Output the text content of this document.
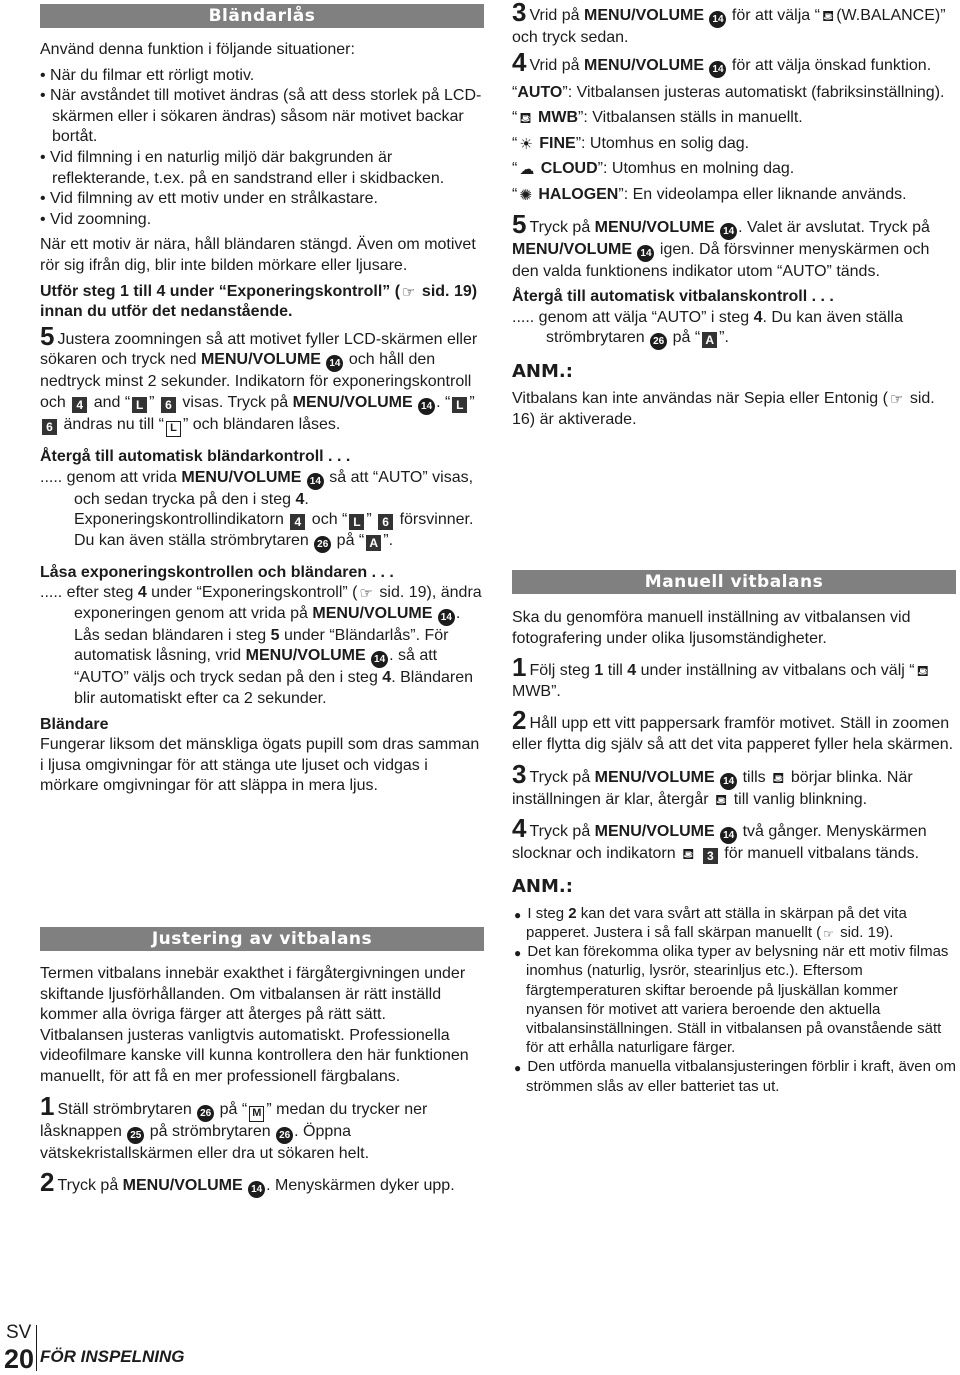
Bländarlås

Använd denna funktion i följande situationer:

• När du filmar ett rörligt motiv.

• När avståndet till motivet ändras (så att dess storlek på LCD-skärmen eller i sökaren ändras) såsom när motivet backar bortåt.

• Vid filmning i en naturlig miljö där bakgrunden är reflekterande, t.ex. på en sandstrand eller i skidbacken.

• Vid filmning av ett motiv under en strålkastare.

• Vid zoomning.

När ett motiv är nära, håll bländaren stängd. Även om motivet rör sig ifrån dig, blir inte bilden mörkare eller ljusare.

Utför steg 1 till 4 under “Exponeringskontroll” ( ☞ sid. 19) innan du utför det nedanstående.

5 Justera zoomningen så att motivet fyller LCD-skärmen eller sökaren och tryck ned MENU/VOLUME 14 och håll den nedtryck minst 2 sekunder. Indikatorn för exponeringskontroll och 4 and “ L ” 6 visas. Tryck på MENU/VOLUME 14 . “ L ” 6 ändras nu till “ L ” och bländaren låses.

Återgå till automatisk bländarkontroll . . .

..... genom att vrida MENU/VOLUME 14 så att “AUTO” visas, och sedan trycka på den i steg 4. Exponeringskontrollindikatorn 4 och “ L ” 6 försvinner. Du kan även ställa strömbrytaren 26 på “ A ”.

Låsa exponeringskontrollen och bländaren . . .

..... efter steg 4 under “Exponeringskontroll” ( ☞ sid. 19), ändra exponeringen genom att vrida på MENU/VOLUME 14 . Lås sedan bländaren i steg 5 under “Bländarlås”. För automatisk låsning, vrid MENU/VOLUME 14 . så att “AUTO” väljs och tryck sedan på den i steg 4. Bländaren blir automatiskt efter ca 2 sekunder.

Bländare

Fungerar liksom det mänskliga ögats pupill som dras samman i ljusa omgivningar för att stänga ute ljuset och vidgas i mörkare omgivningar för att släppa in mera ljus.

Justering av vitbalans

Termen vitbalans innebär exakthet i färgåtergivningen under skiftande ljusförhållanden. Om vitbalansen är rätt inställd kommer alla övriga färger att återges på rätt sätt.

Vitbalansen justeras vanligtvis automatiskt. Professionella videofilmare kanske vill kunna kontrollera den här funktionen manuellt, för att få en mer professionell färgbalans.

1 Ställ strömbrytaren 26 på “ M ” medan du trycker ner låsknappen 25 på strömbrytaren 26 . Öppna vätskekristallskärmen eller dra ut sökaren helt.

2 Tryck på MENU/VOLUME 14 . Menyskärmen dyker upp.

3 Vrid på MENU/VOLUME 14 för att välja “ ⛾ (W.BALANCE)” och tryck sedan.

4 Vrid på MENU/VOLUME 14 för att välja önskad funktion.

“AUTO”: Vitbalansen justeras automatiskt (fabriksinställning).

“ ⛾ MWB”: Vitbalansen ställs in manuellt.

“ ☀ FINE”: Utomhus en solig dag.

“ ☁ CLOUD”: Utomhus en molning dag.

“ ✺ HALOGEN”: En videolampa eller liknande används.

5 Tryck på MENU/VOLUME 14 . Valet är avslutat. Tryck på MENU/VOLUME 14 igen. Då försvinner menyskärmen och den valda funktionens indikator utom “AUTO” tänds.

Återgå till automatisk vitbalanskontroll . . .

..... genom att välja “AUTO” i steg 4. Du kan även ställa strömbrytaren 26 på “ A ”.

ANM.:

Vitbalans kan inte användas när Sepia eller Entonig ( ☞ sid. 16) är aktiverade.

Manuell vitbalans

Ska du genomföra manuell inställning av vitbalansen vid fotografering under olika ljusomständigheter.

1 Följ steg 1 till 4 under inställning av vitbalans och välj “ ⛾ MWB”.

2 Håll upp ett vitt pappersark framför motivet. Ställ in zoomen eller flytta dig själv så att det vita papperet fyller hela skärmen.

3 Tryck på MENU/VOLUME 14 tills ⛾ börjar blinka. När inställningen är klar, återgår ⛾ till vanlig blinkning.

4 Tryck på MENU/VOLUME 14 två gånger. Menyskärmen slocknar och indikatorn ⛾ 3 för manuell vitbalans tänds.

ANM.:

● I steg 2 kan det vara svårt att ställa in skärpan på det vita papperet. Justera i så fall skärpan manuellt ( ☞ sid. 19).

● Det kan förekomma olika typer av belysning när ett motiv filmas inomhus (naturlig, lysrör, stearinljus etc.). Eftersom färgtemperaturen skiftar beroende på ljuskällan kommer nyansen för motivet att variera beroende den aktuella vitbalansinställningen. Ställ in vitbalansen på ovanstående sätt för att erhålla naturligare färger.

● Den utförda manuella vitbalansjusteringen förblir i kraft, även om strömmen slås av eller batteriet tas ut.

SV
20 FÖR INSPELNING
